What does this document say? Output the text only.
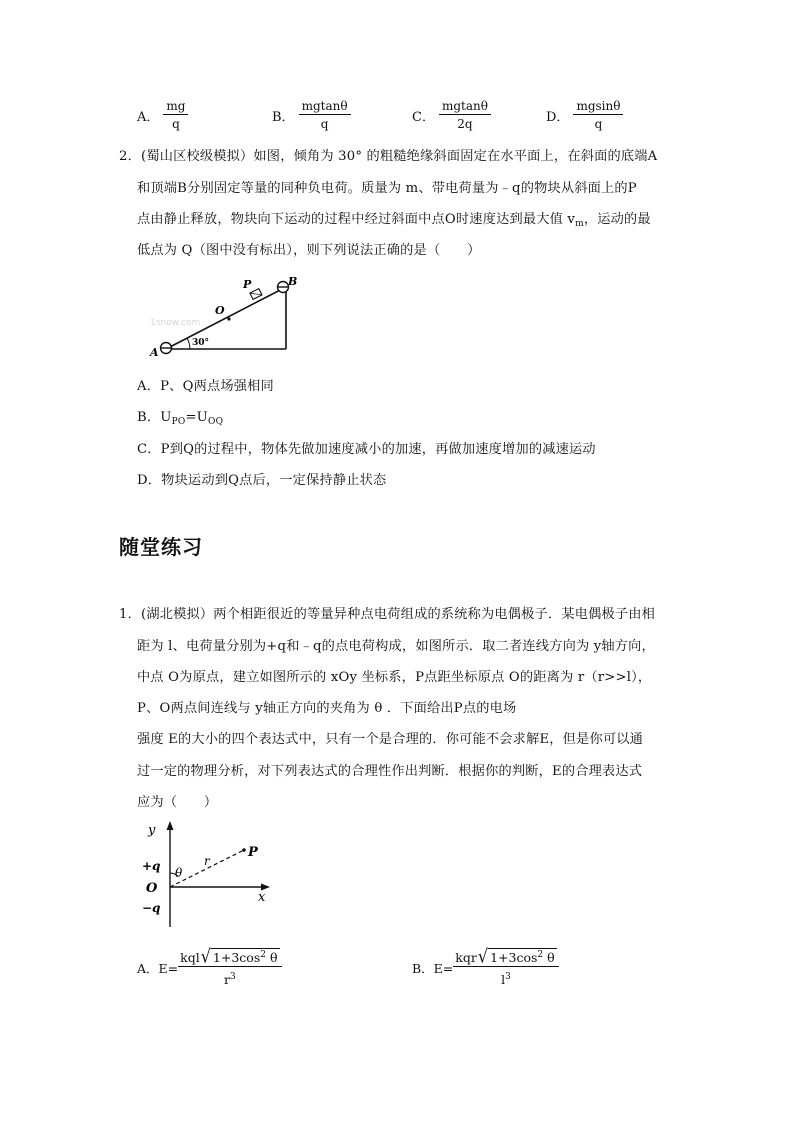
A． $\frac{mg}{q}$	B． $\frac{mgtan\theta}{q}$	C． $\frac{mgtan\theta}{2q}$	D． $\frac{mgsin\theta}{q}$
2．(蜀山区校级模拟）如图，倾角为 30° 的粗糙绝缘斜面固定在水平面上，在斜面的底端A
和顶端B分别固定等量的同种负电荷。质量为 m、带电荷量为﹣q的物块从斜面上的P
点由静止释放，物块向下运动的过程中经过斜面中点O时速度达到最大值 $v_m$，运动的最
低点为 Q（图中没有标出），则下列说法正确的是（　　）
1snow.com
30°
A
B
O
P
A．P、Q两点场强相同
B．$U_{PO}=U_{OQ}$
C．P到Q的过程中，物体先做加速度减小的加速，再做加速度增加的减速运动
D．物块运动到Q点后，一定保持静止状态
随堂练习
1．(湖北模拟）两个相距很近的等量异种点电荷组成的系统称为电偶极子．某电偶极子由相
距为 l、电荷量分别为+q和﹣q的点电荷构成，如图所示．取二者连线方向为 y轴方向，
中点 O为原点，建立如图所示的 xOy 坐标系，P点距坐标原点 O的距离为 r（r>>l），
P、O两点间连线与 y轴正方向的夹角为 θ ．下面给出P点的电场
强度 E的大小的四个表达式中，只有一个是合理的．你可能不会求解E，但是你可以通
过一定的物理分析，对下列表达式的合理性作出判断．根据你的判断，E的合理表达式
应为（　　）
y
x
O
+q
−q
r
P
θ
A．$E= \frac{kql √ 1+3\cos^2 \theta}{r^3}$	B．$E= \frac{kqr √ 1+3\cos^2 \theta}{l^3}$
